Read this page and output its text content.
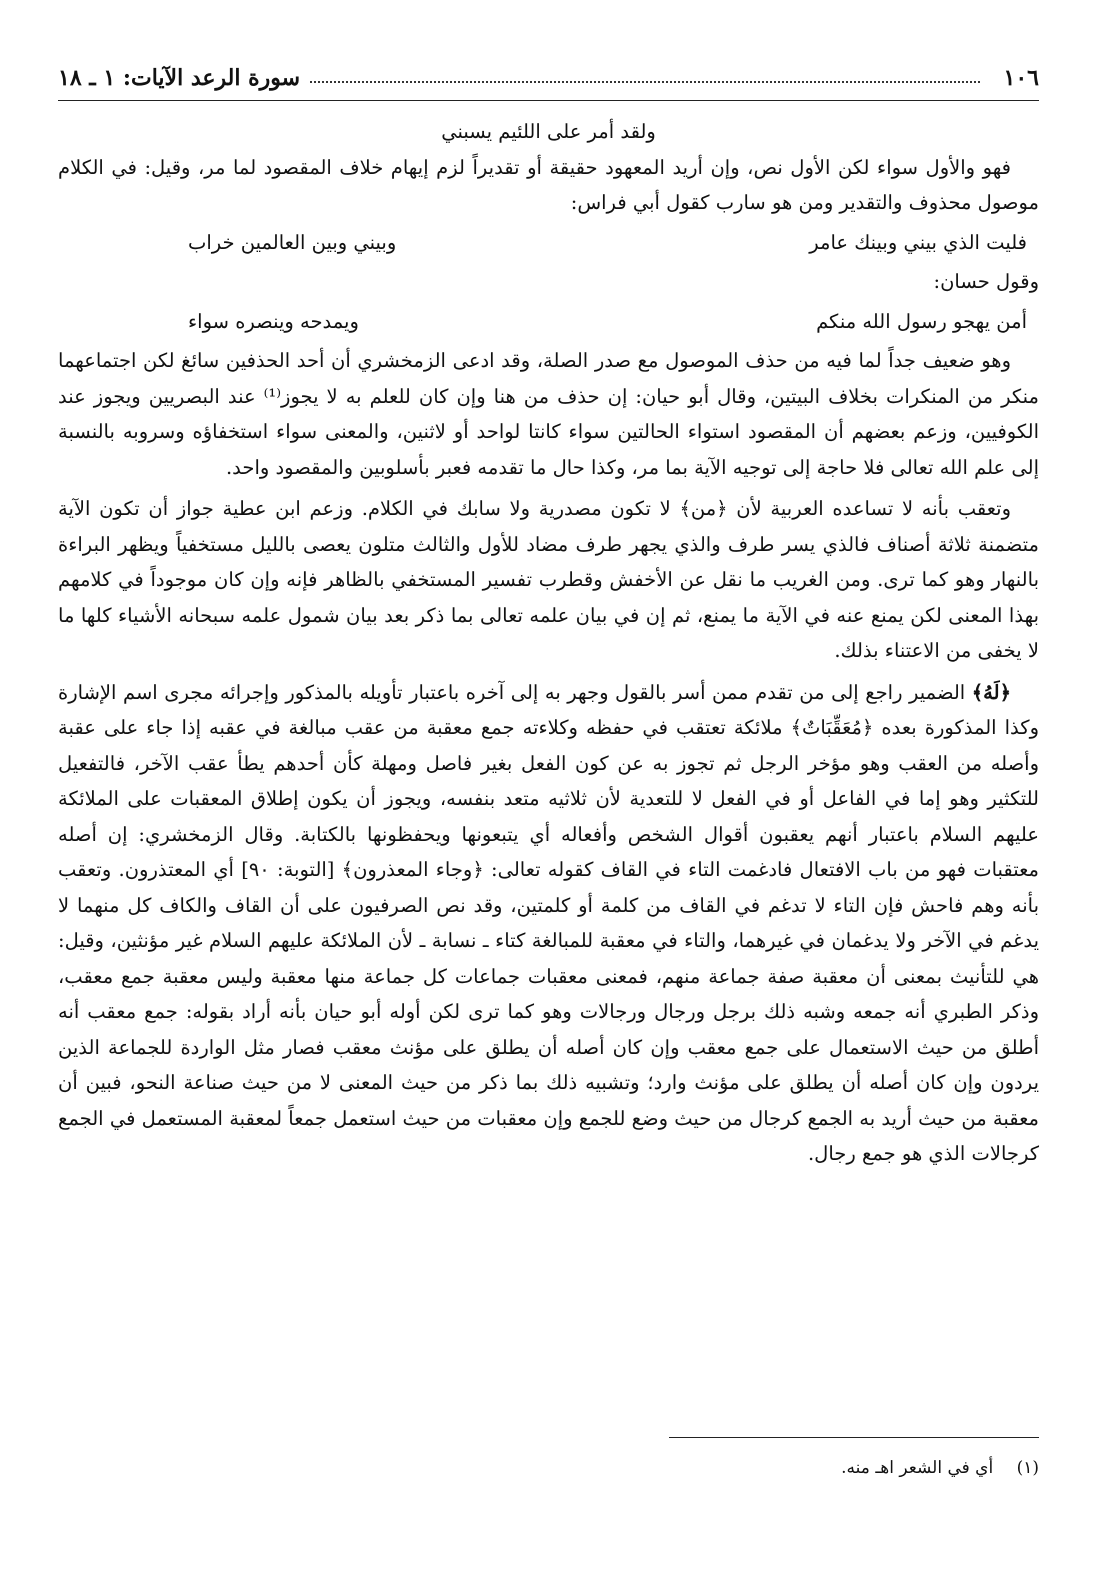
١٠٦
سورة الرعد الآيات: ١ ـ ١٨

ولقد أمر على اللئيم يسبني

فهو والأول سواء لكن الأول نص، وإن أريد المعهود حقيقة أو تقديراً لزم إيهام خلاف المقصود لما مر، وقيل: في الكلام موصول محذوف والتقدير ومن هو سارب كقول أبي فراس:

فليت الذي بيني وبينك عامر
وبيني وبين العالمين خراب

وقول حسان:

أمن يهجو رسول الله منكم
ويمدحه وينصره سواء

وهو ضعيف جداً لما فيه من حذف الموصول مع صدر الصلة، وقد ادعى الزمخشري أن أحد الحذفين سائغ لكن اجتماعهما منكر من المنكرات بخلاف البيتين، وقال أبو حيان: إن حذف من هنا وإن كان للعلم به لا يجوز⁽¹⁾ عند البصريين ويجوز عند الكوفيين، وزعم بعضهم أن المقصود استواء الحالتين سواء كانتا لواحد أو لاثنين، والمعنى سواء استخفاؤه وسروبه بالنسبة إلى علم الله تعالى فلا حاجة إلى توجيه الآية بما مر، وكذا حال ما تقدمه فعبر بأسلوبين والمقصود واحد.

وتعقب بأنه لا تساعده العربية لأن ﴿من﴾ لا تكون مصدرية ولا سابك في الكلام. وزعم ابن عطية جواز أن تكون الآية متضمنة ثلاثة أصناف فالذي يسر طرف والذي يجهر طرف مضاد للأول والثالث متلون يعصى بالليل مستخفياً ويظهر البراءة بالنهار وهو كما ترى. ومن الغريب ما نقل عن الأخفش وقطرب تفسير المستخفي بالظاهر فإنه وإن كان موجوداً في كلامهم بهذا المعنى لكن يمنع عنه في الآية ما يمنع، ثم إن في بيان علمه تعالى بما ذكر بعد بيان شمول علمه سبحانه الأشياء كلها ما لا يخفى من الاعتناء بذلك.

﴿لَهُ﴾ الضمير راجع إلى من تقدم ممن أسر بالقول وجهر به إلى آخره باعتبار تأويله بالمذكور وإجرائه مجرى اسم الإشارة وكذا المذكورة بعده ﴿مُعَقِّبَاتٌ﴾ ملائكة تعتقب في حفظه وكلاءته جمع معقبة من عقب مبالغة في عقبه إذا جاء على عقبة وأصله من العقب وهو مؤخر الرجل ثم تجوز به عن كون الفعل بغير فاصل ومهلة كأن أحدهم يطأ عقب الآخر، فالتفعيل للتكثير وهو إما في الفاعل أو في الفعل لا للتعدية لأن ثلاثيه متعد بنفسه، ويجوز أن يكون إطلاق المعقبات على الملائكة عليهم السلام باعتبار أنهم يعقبون أقوال الشخص وأفعاله أي يتبعونها ويحفظونها بالكتابة. وقال الزمخشري: إن أصله معتقبات فهو من باب الافتعال فادغمت التاء في القاف كقوله تعالى: ﴿وجاء المعذرون﴾ [التوبة: ٩٠] أي المعتذرون. وتعقب بأنه وهم فاحش فإن التاء لا تدغم في القاف من كلمة أو كلمتين، وقد نص الصرفيون على أن القاف والكاف كل منهما لا يدغم في الآخر ولا يدغمان في غيرهما، والتاء في معقبة للمبالغة كتاء ـ نسابة ـ لأن الملائكة عليهم السلام غير مؤنثين، وقيل: هي للتأنيث بمعنى أن معقبة صفة جماعة منهم، فمعنى معقبات جماعات كل جماعة منها معقبة وليس معقبة جمع معقب، وذكر الطبري أنه جمعه وشبه ذلك برجل ورجال ورجالات وهو كما ترى لكن أوله أبو حيان بأنه أراد بقوله: جمع معقب أنه أطلق من حيث الاستعمال على جمع معقب وإن كان أصله أن يطلق على مؤنث معقب فصار مثل الواردة للجماعة الذين يردون وإن كان أصله أن يطلق على مؤنث وارد؛ وتشبيه ذلك بما ذكر من حيث المعنى لا من حيث صناعة النحو، فبين أن معقبة من حيث أريد به الجمع كرجال من حيث وضع للجمع وإن معقبات من حيث استعمل جمعاً لمعقبة المستعمل في الجمع كرجالات الذي هو جمع رجال.

(١) أي في الشعر اهـ منه.
